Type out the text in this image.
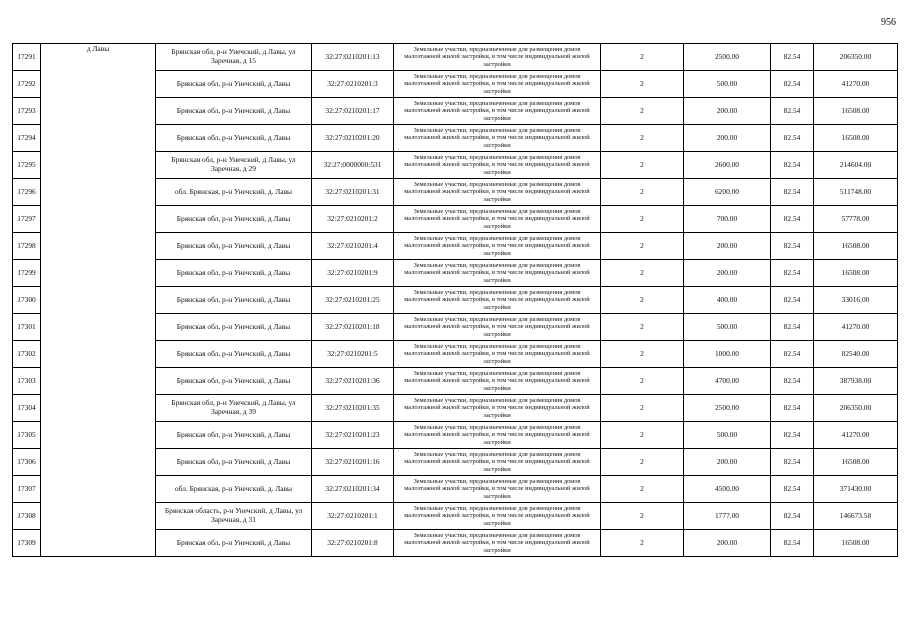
956
17291	д Лавы	Брянская обл, р-н Унечский, д Лавы, ул Заречная, д 15	32:27:0210201:13	Земельные участки, предназначенные для размещения домов малоэтажной жилой застройки, в том числе индивидуальной жилой застройки	2	2500.00	82.54	206350.00
17292		Брянская обл, р-н Унечский, д Лавы	32:27:0210201:3	Земельные участки, предназначенные для размещения домов малоэтажной жилой застройки, в том числе индивидуальной жилой застройки	2	500.00	82.54	41270.00
17293		Брянская обл, р-н Унечский, д Лавы	32:27:0210201:17	Земельные участки, предназначенные для размещения домов малоэтажной жилой застройки, в том числе индивидуальной жилой застройки	2	200.00	82.54	16508.00
17294		Брянская обл, р-н Унечский, д Лавы	32:27:0210201:20	Земельные участки, предназначенные для размещения домов малоэтажной жилой застройки, в том числе индивидуальной жилой застройки	2	200.00	82.54	16508.00
17295		Брянская обл, р-н Унечский, д Лавы, ул Заречная, д 29	32:27:0000000:531	Земельные участки, предназначенные для размещения домов малоэтажной жилой застройки, в том числе индивидуальной жилой застройки	2	2600.00	82.54	214604.00
17296		обл. Брянская, р-н Унечский, д. Лавы	32:27:0210201:31	Земельные участки, предназначенные для размещения домов малоэтажной жилой застройки, в том числе индивидуальной жилой застройки	2	6200.00	82.54	511748.00
17297		Брянская обл, р-н Унечский, д Лавы	32:27:0210201:2	Земельные участки, предназначенные для размещения домов малоэтажной жилой застройки, в том числе индивидуальной жилой застройки	2	700.00	82.54	57778.00
17298		Брянская обл, р-н Унечский, д Лавы	32:27:0210201:4	Земельные участки, предназначенные для размещения домов малоэтажной жилой застройки, в том числе индивидуальной жилой застройки	2	200.00	82.54	16508.00
17299		Брянская обл, р-н Унечский, д Лавы	32:27:0210201:9	Земельные участки, предназначенные для размещения домов малоэтажной жилой застройки, в том числе индивидуальной жилой застройки	2	200.00	82.54	16508.00
17300		Брянская обл, р-н Унечский, д Лавы	32:27:0210201:25	Земельные участки, предназначенные для размещения домов малоэтажной жилой застройки, в том числе индивидуальной жилой застройки	2	400.00	82.54	33016.00
17301		Брянская обл, р-н Унечский, д Лавы	32:27:0210201:18	Земельные участки, предназначенные для размещения домов малоэтажной жилой застройки, в том числе индивидуальной жилой застройки	2	500.00	82.54	41270.00
17302		Брянская обл, р-н Унечский, д Лавы	32:27:0210201:5	Земельные участки, предназначенные для размещения домов малоэтажной жилой застройки, в том числе индивидуальной жилой застройки	2	1000.00	82.54	82540.00
17303		Брянская обл, р-н Унечский, д Лавы	32:27:0210201:36	Земельные участки, предназначенные для размещения домов малоэтажной жилой застройки, в том числе индивидуальной жилой застройки	2	4700.00	82.54	387938.00
17304		Брянская обл, р-н Унечский, д Лавы, ул Заречная, д 39	32:27:0210201:35	Земельные участки, предназначенные для размещения домов малоэтажной жилой застройки, в том числе индивидуальной жилой застройки	2	2500.00	82.54	206350.00
17305		Брянская обл, р-н Унечский, д Лавы	32:27:0210201:23	Земельные участки, предназначенные для размещения домов малоэтажной жилой застройки, в том числе индивидуальной жилой застройки	2	500.00	82.54	41270.00
17306		Брянская обл, р-н Унечский, д Лавы	32:27:0210201:16	Земельные участки, предназначенные для размещения домов малоэтажной жилой застройки, в том числе индивидуальной жилой застройки	2	200.00	82.54	16508.00
17307		обл. Брянская, р-н Унечский, д. Лавы	32:27:0210201:34	Земельные участки, предназначенные для размещения домов малоэтажной жилой застройки, в том числе индивидуальной жилой застройки	2	4500.00	82.54	371430.00
17308		Брянская область, р-н Унечский, д Лавы, ул Заречная, д 31	32:27:0210201:1	Земельные участки, предназначенные для размещения домов малоэтажной жилой застройки, в том числе индивидуальной жилой застройки	2	1777.00	82.54	146673.58
17309		Брянская обл, р-н Унечский, д Лавы	32:27:0210201:8	Земельные участки, предназначенные для размещения домов малоэтажной жилой застройки, в том числе индивидуальной жилой застройки	2	200.00	82.54	16508.00
